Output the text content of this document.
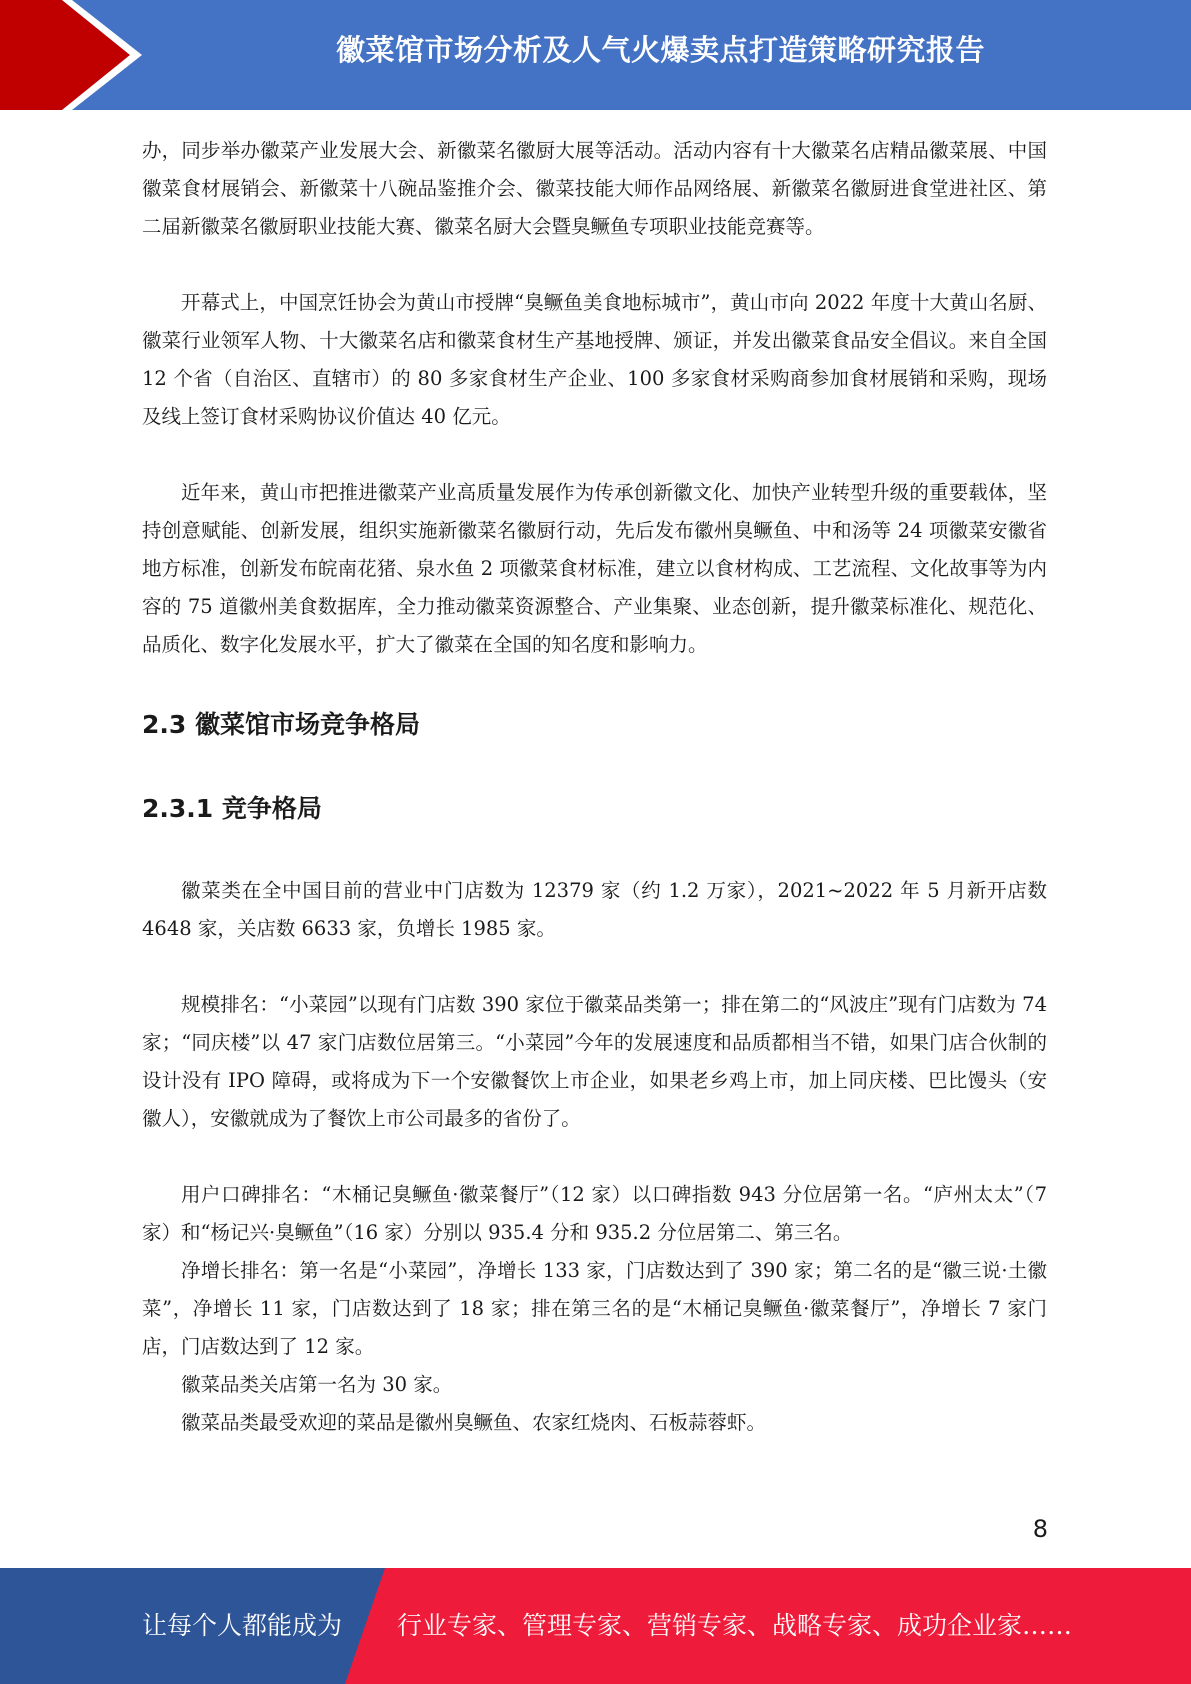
徽菜馆市场分析及人气火爆卖点打造策略研究报告

办，同步举办徽菜产业发展大会、新徽菜名徽厨大展等活动。活动内容有十大徽菜名店精品徽菜展、中国徽菜食材展销会、新徽菜十八碗品鉴推介会、徽菜技能大师作品网络展、新徽菜名徽厨进食堂进社区、第二届新徽菜名徽厨职业技能大赛、徽菜名厨大会暨臭鳜鱼专项职业技能竞赛等。

开幕式上，中国烹饪协会为黄山市授牌“臭鳜鱼美食地标城市”，黄山市向 2022 年度十大黄山名厨、徽菜行业领军人物、十大徽菜名店和徽菜食材生产基地授牌、颁证，并发出徽菜食品安全倡议。来自全国 12 个省（自治区、直辖市）的 80 多家食材生产企业、100 多家食材采购商参加食材展销和采购，现场及线上签订食材采购协议价值达 40 亿元。

近年来，黄山市把推进徽菜产业高质量发展作为传承创新徽文化、加快产业转型升级的重要载体，坚持创意赋能、创新发展，组织实施新徽菜名徽厨行动，先后发布徽州臭鳜鱼、中和汤等 24 项徽菜安徽省地方标准，创新发布皖南花猪、泉水鱼 2 项徽菜食材标准，建立以食材构成、工艺流程、文化故事等为内容的 75 道徽州美食数据库，全力推动徽菜资源整合、产业集聚、业态创新，提升徽菜标准化、规范化、品质化、数字化发展水平，扩大了徽菜在全国的知名度和影响力。

2.3 徽菜馆市场竞争格局
2.3.1 竞争格局

徽菜类在全中国目前的营业中门店数为 12379 家（约 1.2 万家），2021~2022 年 5 月新开店数 4648 家，关店数 6633 家，负增长 1985 家。

规模排名：“小菜园”以现有门店数 390 家位于徽菜品类第一；排在第二的“风波庄”现有门店数为 74 家；“同庆楼”以 47 家门店数位居第三。“小菜园”今年的发展速度和品质都相当不错，如果门店合伙制的设计没有 IPO 障碍，或将成为下一个安徽餐饮上市企业，如果老乡鸡上市，加上同庆楼、巴比馒头（安徽人），安徽就成为了餐饮上市公司最多的省份了。

用户口碑排名：“木桶记臭鳜鱼·徽菜餐厅”（12 家）以口碑指数 943 分位居第一名。“庐州太太”（7 家）和“杨记兴·臭鳜鱼”（16 家）分别以 935.4 分和 935.2 分位居第二、第三名。

净增长排名：第一名是“小菜园”，净增长 133 家，门店数达到了 390 家；第二名的是“徽三说·土徽菜”，净增长 11 家，门店数达到了 18 家；排在第三名的是“木桶记臭鳜鱼·徽菜餐厅”，净增长 7 家门店，门店数达到了 12 家。

徽菜品类关店第一名为 30 家。

徽菜品类最受欢迎的菜品是徽州臭鳜鱼、农家红烧肉、石板蒜蓉虾。

8
让每个人都能成为 行业专家、管理专家、营销专家、战略专家、成功企业家……
